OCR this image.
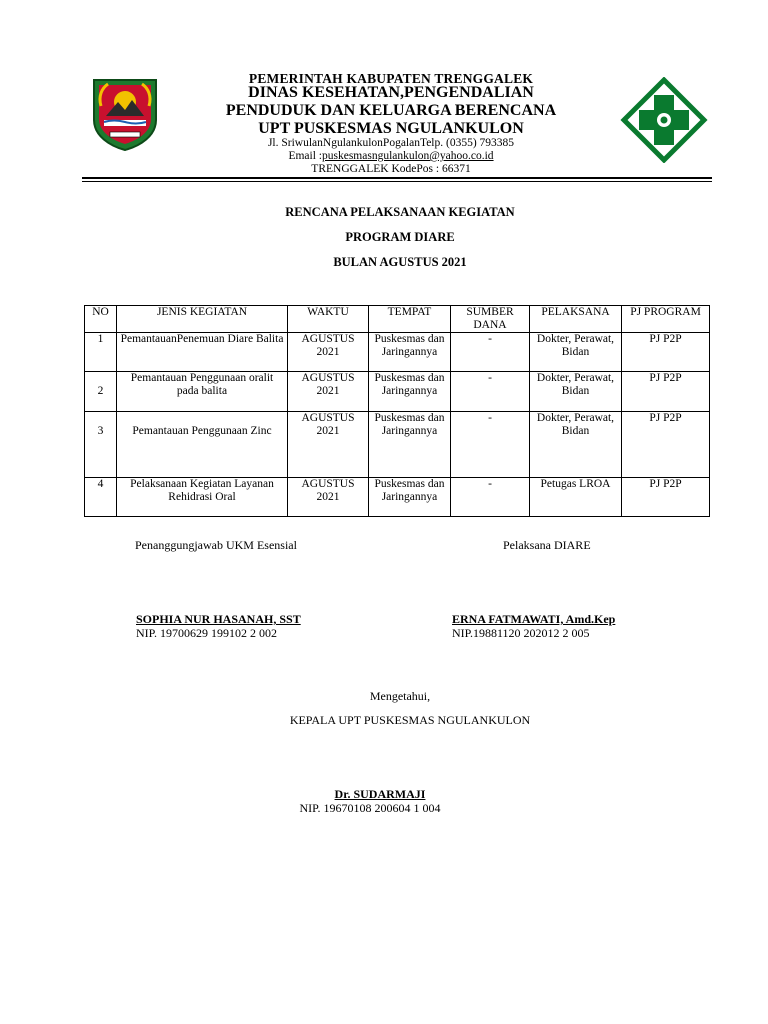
PEMERINTAH KABUPATEN TRENGGALEK
DINAS KESEHATAN,PENGENDALIAN
PENDUDUK DAN KELUARGA BERENCANA
UPT PUSKESMAS NGULANKULON
Jl. SriwulanNgulankulonPogalanTelp. (0355) 793385
Email :puskesmasngulankulon@yahoo.co.id
TRENGGALEK KodePos : 66371
RENCANA PELAKSANAAN KEGIATAN
PROGRAM DIARE
BULAN AGUSTUS 2021
NO	JENIS KEGIATAN	WAKTU	TEMPAT	SUMBER DANA	PELAKSANA	PJ PROGRAM
1	PemantauanPenemuan Diare Balita	AGUSTUS 2021	Puskesmas dan Jaringannya	-	Dokter, Perawat, Bidan	PJ P2P
2	Pemantauan Penggunaan oralit pada balita	AGUSTUS 2021	Puskesmas dan Jaringannya	-	Dokter, Perawat, Bidan	PJ P2P

3	Pemantauan Penggunaan Zinc	AGUSTUS 2021	Puskesmas dan Jaringannya	-	Dokter, Perawat, Bidan	PJ P2P
4	Pelaksanaan Kegiatan Layanan Rehidrasi Oral	AGUSTUS 2021	Puskesmas dan Jaringannya	-	Petugas LROA	PJ P2P
Penanggungjawab UKM Esensial	Pelaksana DIARE
SOPHIA NUR HASANAH, SST
NIP. 19700629 199102 2 002
ERNA FATMAWATI, Amd.Kep
NIP.19881120 202012 2 005
Mengetahui,
KEPALA UPT PUSKESMAS NGULANKULON
Dr. SUDARMAJI
NIP. 19670108 200604 1 004
